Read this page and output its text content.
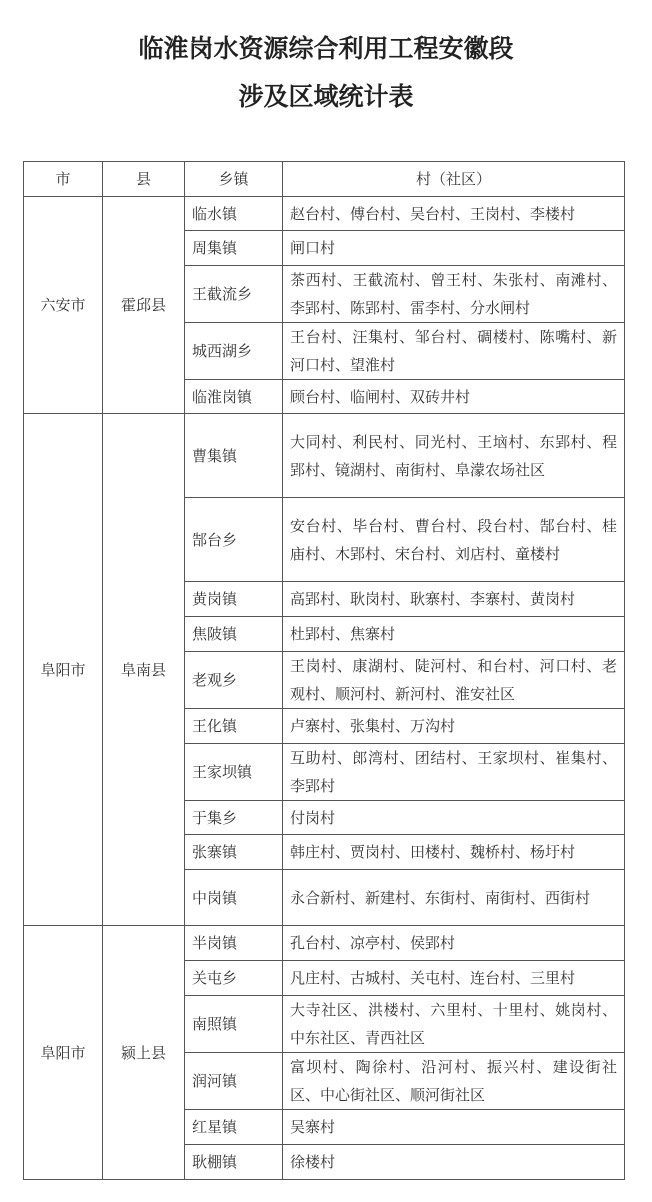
临淮岗水资源综合利用工程安徽段
涉及区域统计表
市	县	乡镇	村（社区）
六安市	霍邱县	临水镇	赵台村、傅台村、吴台村、王岗村、李楼村
		周集镇	闸口村
		王截流乡	茶西村、王截流村、曾王村、朱张村、南滩村、李郢村、陈郢村、雷李村、分水闸村
		城西湖乡	王台村、汪集村、邹台村、碉楼村、陈嘴村、新河口村、望淮村
		临淮岗镇	顾台村、临闸村、双砖井村
阜阳市	阜南县	曹集镇	大同村、利民村、同光村、王垴村、东郢村、程郢村、镜湖村、南街村、阜濛农场社区
		郜台乡	安台村、毕台村、曹台村、段台村、郜台村、桂庙村、木郢村、宋台村、刘店村、童楼村
		黄岗镇	高郢村、耿岗村、耿寨村、李寨村、黄岗村
		焦陂镇	杜郢村、焦寨村
		老观乡	王岗村、康湖村、陡河村、和台村、河口村、老观村、顺河村、新河村、淮安社区
		王化镇	卢寨村、张集村、万沟村
		王家坝镇	互助村、郎湾村、团结村、王家坝村、崔集村、李郢村
		于集乡	付岗村
		张寨镇	韩庄村、贾岗村、田楼村、魏桥村、杨圩村
		中岗镇	永合新村、新建村、东街村、南街村、西街村
阜阳市	颍上县	半岗镇	孔台村、凉亭村、侯郢村
		关屯乡	凡庄村、古城村、关屯村、连台村、三里村
		南照镇	大寺社区、洪楼村、六里村、十里村、姚岗村、中东社区、青西社区
		润河镇	富坝村、陶徐村、沿河村、振兴村、建设街社区、中心街社区、顺河街社区
		红星镇	吴寨村
		耿棚镇	徐楼村
